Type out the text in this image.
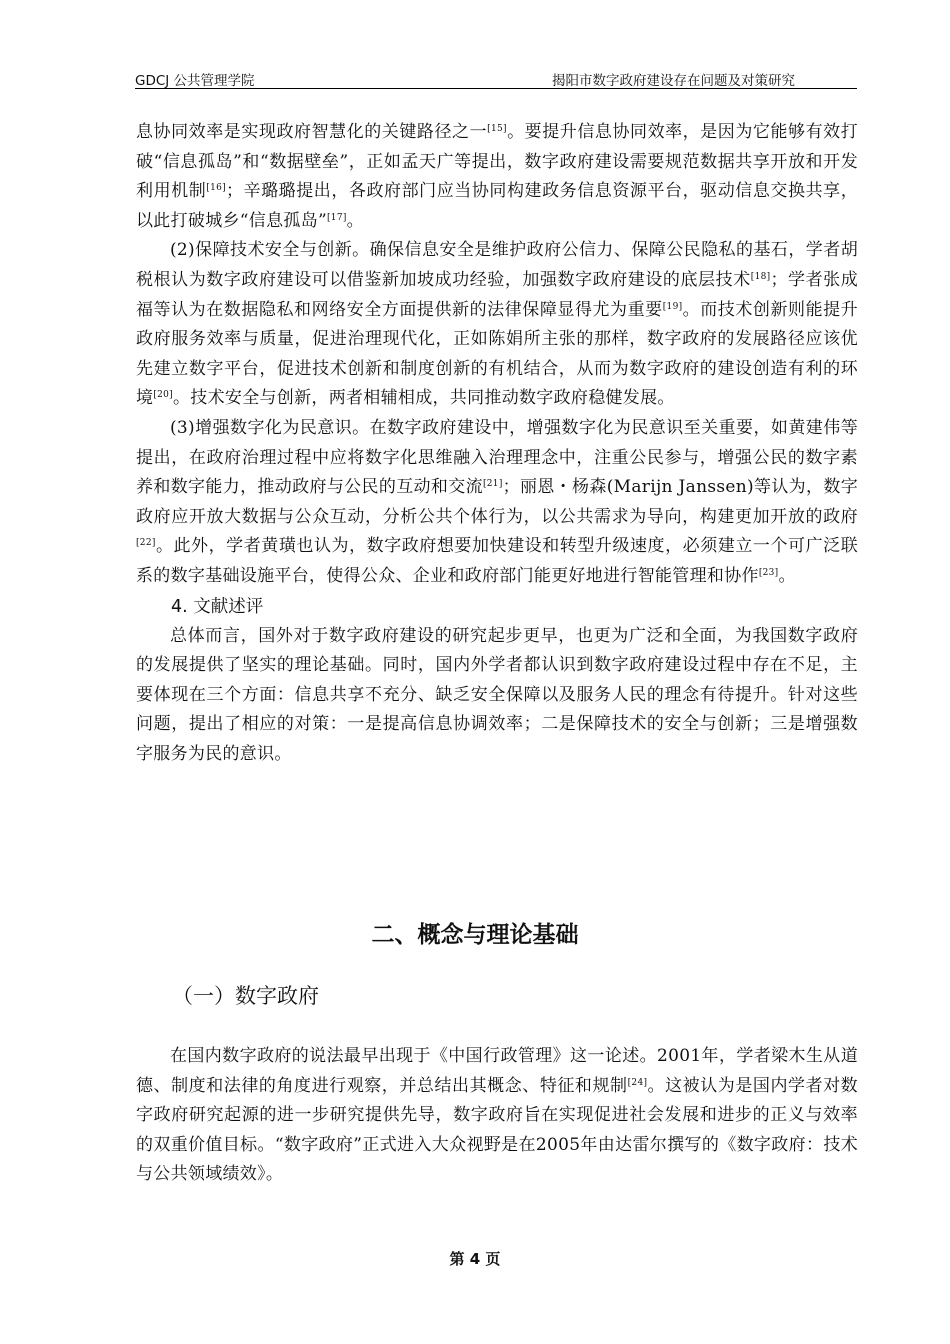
GDCJ 公共管理学院	揭阳市数字政府建设存在问题及对策研究

息协同效率是实现政府智慧化的关键路径之一[15]。要提升信息协同效率，是因为它能够有效打破“信息孤岛”和“数据壁垒”，正如孟天广等提出，数字政府建设需要规范数据共享开放和开发利用机制[16]；辛璐璐提出，各政府部门应当协同构建政务信息资源平台，驱动信息交换共享，以此打破城乡“信息孤岛”[17]。

(2)保障技术安全与创新。确保信息安全是维护政府公信力、保障公民隐私的基石，学者胡税根认为数字政府建设可以借鉴新加坡成功经验，加强数字政府建设的底层技术[18]；学者张成福等认为在数据隐私和网络安全方面提供新的法律保障显得尤为重要[19]。而技术创新则能提升政府服务效率与质量，促进治理现代化，正如陈娟所主张的那样，数字政府的发展路径应该优先建立数字平台，促进技术创新和制度创新的有机结合，从而为数字政府的建设创造有利的环境[20]。技术安全与创新，两者相辅相成，共同推动数字政府稳健发展。

(3)增强数字化为民意识。在数字政府建设中，增强数字化为民意识至关重要，如黄建伟等提出，在政府治理过程中应将数字化思维融入治理理念中，注重公民参与，增强公民的数字素养和数字能力，推动政府与公民的互动和交流[21]；丽恩・杨森(Marijn Janssen)等认为，数字政府应开放大数据与公众互动，分析公共个体行为，以公共需求为导向，构建更加开放的政府[22]。此外，学者黄璜也认为，数字政府想要加快建设和转型升级速度，必须建立一个可广泛联系的数字基础设施平台，使得公众、企业和政府部门能更好地进行智能管理和协作[23]。

4. 文献述评

总体而言，国外对于数字政府建设的研究起步更早，也更为广泛和全面，为我国数字政府的发展提供了坚实的理论基础。同时，国内外学者都认识到数字政府建设过程中存在不足，主要体现在三个方面：信息共享不充分、缺乏安全保障以及服务人民的理念有待提升。针对这些问题，提出了相应的对策：一是提高信息协调效率；二是保障技术的安全与创新；三是增强数字服务为民的意识。

二、概念与理论基础
（一）数字政府

在国内数字政府的说法最早出现于《中国行政管理》这一论述。2001年，学者梁木生从道德、制度和法律的角度进行观察，并总结出其概念、特征和规制[24]。这被认为是国内学者对数字政府研究起源的进一步研究提供先导，数字政府旨在实现促进社会发展和进步的正义与效率的双重价值目标。“数字政府”正式进入大众视野是在2005年由达雷尔撰写的《数字政府：技术与公共领域绩效》。

第 4 页
